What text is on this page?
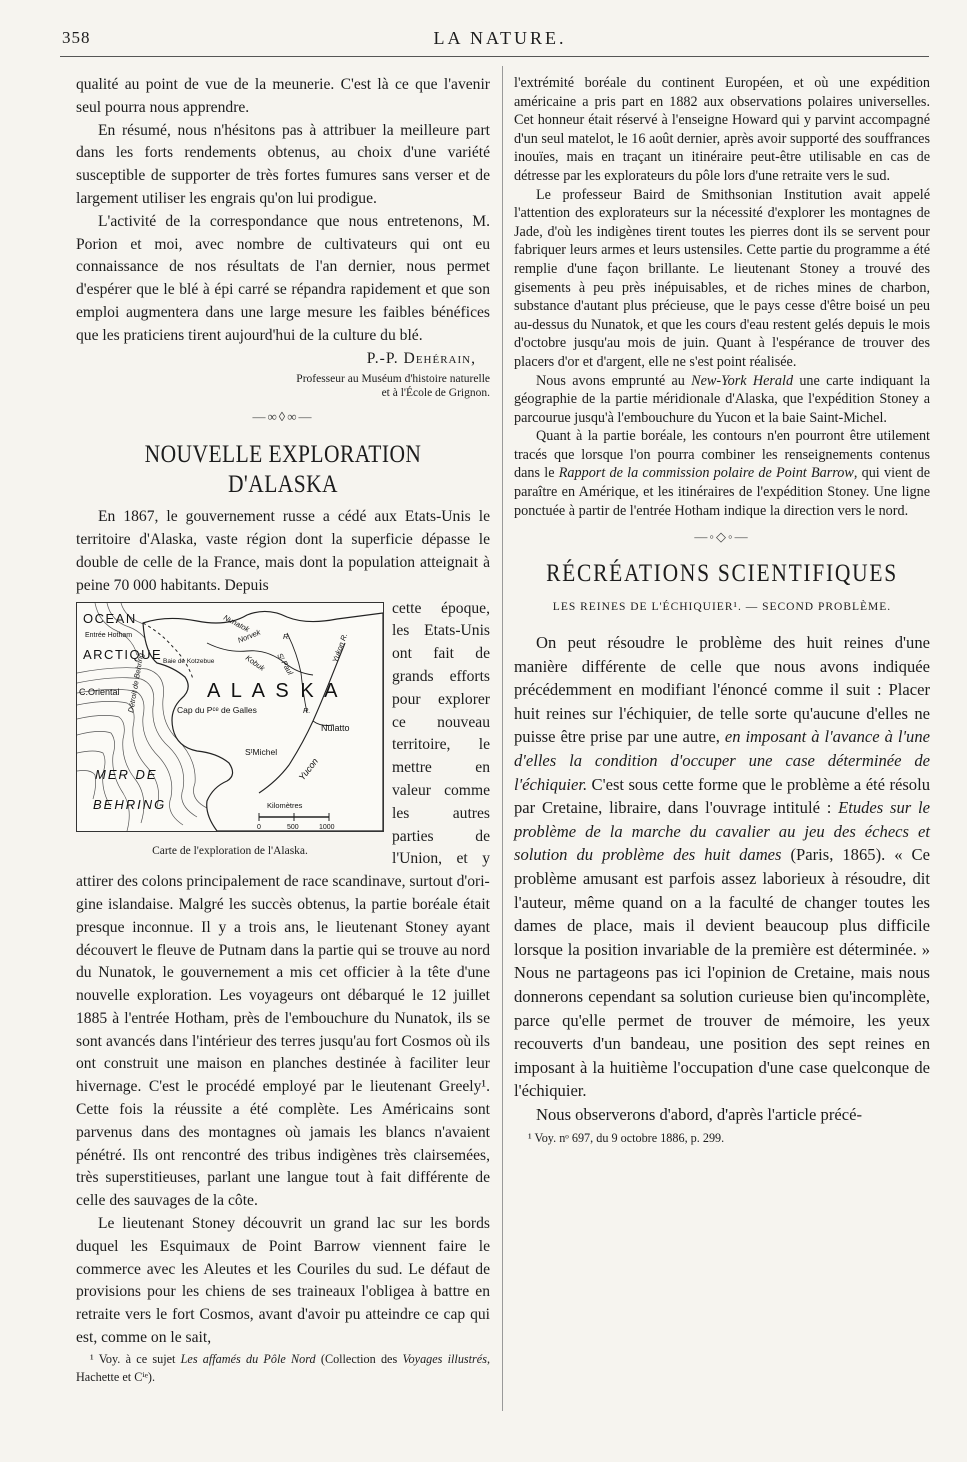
358	LA NATURE.

qualité au point de vue de la meunerie. C'est là ce que l'avenir seul pourra nous apprendre.

En résumé, nous n'hésitons pas à attribuer la meilleure part dans les forts rendements obtenus, au choix d'une variété susceptible de supporter de très fortes fumures sans verser et de largement utiliser les engrais qu'on lui prodigue.

L'activité de la correspondance que nous entretenons, M. Porion et moi, avec nombre de cultivateurs qui ont eu connaissance de nos résultats de l'an dernier, nous permet d'espérer que le blé à épi carré se répandra rapidement et que son emploi augmentera dans une large mesure les faibles bénéfices que les praticiens tirent aujourd'hui de la culture du blé.

P.-P. Dehérain,
Professeur au Muséum d'histoire naturelle
et à l'École de Grignon.
—∞◊∞—
NOUVELLE EXPLORATION D'ALASKA

En 1867, le gouvernement russe a cédé aux Etats-Unis le territoire d'Alaska, vaste région dont la superficie dépasse le double de celle de la France, mais dont la population atteignait à peine 70 000 habitants. Depuis

OCEAN
ARCTIQUE
Entrée Hotham
C.Oriental	A L A S K A
Cap du Pᶜᵉ de Galles
Nulatto
SᵗMichel
MER DE
BEHRING
Yucon
Kilomètres
0	500	1000
Nunatok
Norvek
Kobuk Sᵗ Paul
Détroit de Behring
Yukon R.
R.
R.
Baie de Kotzebue
Carte de l'exploration de l'Alaska.

cette époque, les Etats-Unis ont fait de grands efforts pour explorer ce nouveau territoire, le mettre en valeur comme les autres parties de l'Union, et y attirer des colons principalement de race scandinave, surtout d'ori-

gine islandaise. Malgré les succès obtenus, la partie boréale était presque inconnue. Il y a trois ans, le lieutenant Stoney ayant découvert le fleuve de Putnam dans la partie qui se trouve au nord du Nunatok, le gouvernement a mis cet officier à la tête d'une nouvelle exploration. Les voyageurs ont débarqué le 12 juillet 1885 à l'entrée Hotham, près de l'embouchure du Nunatok, ils se sont avancés dans l'intérieur des terres jusqu'au fort Cosmos où ils ont construit une maison en planches destinée à faciliter leur hivernage. C'est le procédé employé par le lieutenant Greely¹. Cette fois la réussite a été complète. Les Américains sont parvenus dans des montagnes où jamais les blancs n'avaient pénétré. Ils ont rencontré des tribus indigènes très clairsemées, très superstitieuses, parlant une langue tout à fait différente de celle des sauvages de la côte.

Le lieutenant Stoney découvrit un grand lac sur les bords duquel les Esquimaux de Point Barrow viennent faire le commerce avec les Aleutes et les Couriles du sud. Le défaut de provisions pour les chiens de ses traineaux l'obligea à battre en retraite vers le fort Cosmos, avant d'avoir pu atteindre ce cap qui est, comme on le sait,

¹ Voy. à ce sujet Les affamés du Pôle Nord (Collection des Voyages illustrés, Hachette et Cⁱᵉ).

l'extrémité boréale du continent Européen, et où une expédition américaine a pris part en 1882 aux observations polaires universelles. Cet honneur était réservé à l'enseigne Howard qui y parvint accompagné d'un seul matelot, le 16 août dernier, après avoir supporté des souffrances inouïes, mais en traçant un itinéraire peut-être utilisable en cas de détresse par les explorateurs du pôle lors d'une retraite vers le sud.

Le professeur Baird de Smithsonian Institution avait appelé l'attention des explorateurs sur la nécessité d'explorer les montagnes de Jade, d'où les indigènes tirent toutes les pierres dont ils se servent pour fabriquer leurs armes et leurs ustensiles. Cette partie du programme a été remplie d'une façon brillante. Le lieutenant Stoney a trouvé des gisements à peu près inépuisables, et de riches mines de charbon, substance d'autant plus précieuse, que le pays cesse d'être boisé un peu au-dessus du Nunatok, et que les cours d'eau restent gelés depuis le mois d'octobre jusqu'au mois de juin. Quant à l'espérance de trouver des placers d'or et d'argent, elle ne s'est point réalisée.

Nous avons emprunté au New-York Herald une carte indiquant la géographie de la partie méridionale d'Alaska, que l'expédition Stoney a parcourue jusqu'à l'embouchure du Yucon et la baie Saint-Michel.

Quant à la partie boréale, les contours n'en pourront être utilement tracés que lorsque l'on pourra combiner les renseignements contenus dans le Rapport de la commission polaire de Point Barrow, qui vient de paraître en Amérique, et les itinéraires de l'expédition Stoney. Une ligne ponctuée à partir de l'entrée Hotham indique la direction vers le nord.

—◦◇◦—
RÉCRÉATIONS SCIENTIFIQUES
LES REINES DE L'ÉCHIQUIER¹. — SECOND PROBLÈME.

On peut résoudre le problème des huit reines d'une manière différente de celle que nous avons indiquée précédemment en modifiant l'énoncé comme il suit : Placer huit reines sur l'échiquier, de telle sorte qu'aucune d'elles ne puisse être prise par une autre, en imposant à l'avance à l'une d'elles la condition d'occuper une case déterminée de l'échiquier. C'est sous cette forme que le problème a été résolu par Cretaine, libraire, dans l'ouvrage intitulé : Etudes sur le problème de la marche du cavalier au jeu des échecs et solution du problème des huit dames (Paris, 1865). « Ce problème amusant est parfois assez laborieux à résoudre, dit l'auteur, même quand on a la faculté de changer toutes les dames de place, mais il devient beaucoup plus difficile lorsque la position invariable de la première est déterminée. » Nous ne partageons pas ici l'opinion de Cretaine, mais nous donnerons cependant sa solution curieuse bien qu'incomplète, parce qu'elle permet de trouver de mémoire, les yeux recouverts d'un bandeau, une position des sept reines en imposant à la huitième l'occupation d'une case quelconque de l'échiquier.

Nous observerons d'abord, d'après l'article précé-

¹ Voy. nᵒ 697, du 9 octobre 1886, p. 299.
